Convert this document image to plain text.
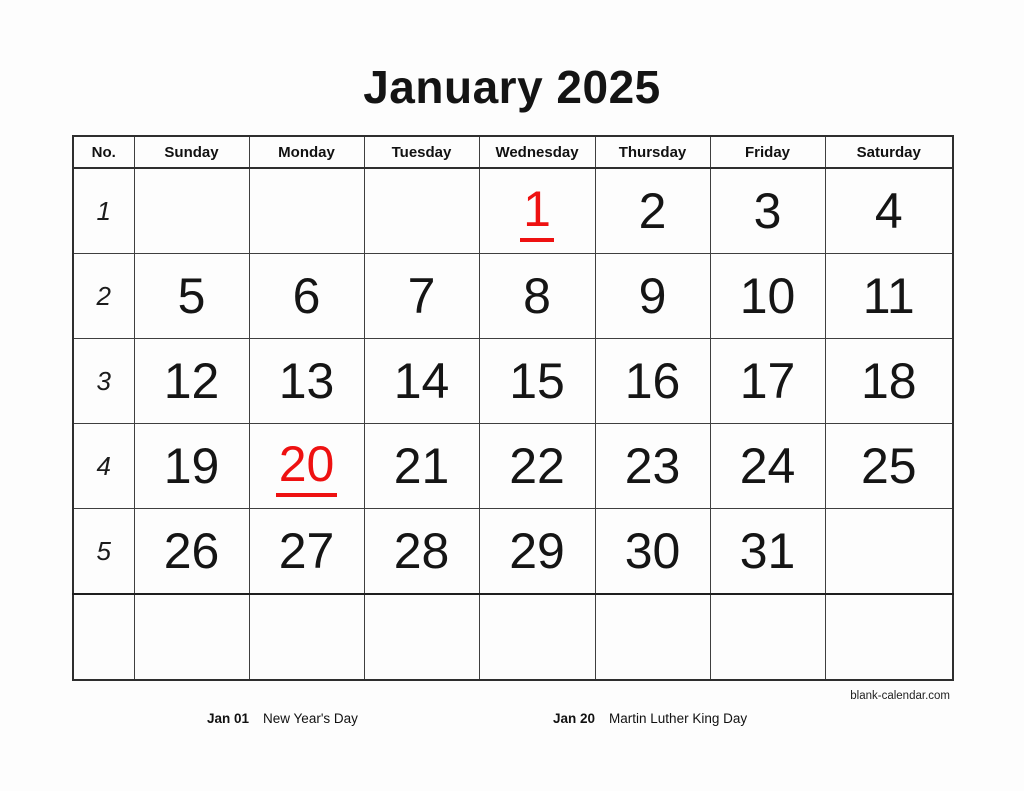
January 2025
No.	Sunday	Monday	Tuesday	Wednesday	Thursday	Friday	Saturday
1				1	2	3	4
2	5	6	7	8	9	10	11
3	12	13	14	15	16	17	18
4	19	20	21	22	23	24	25
5	26	27	28	29	30	31	

blank-calendar.com
Jan 01 New Year's Day	Jan 20 Martin Luther King Day
